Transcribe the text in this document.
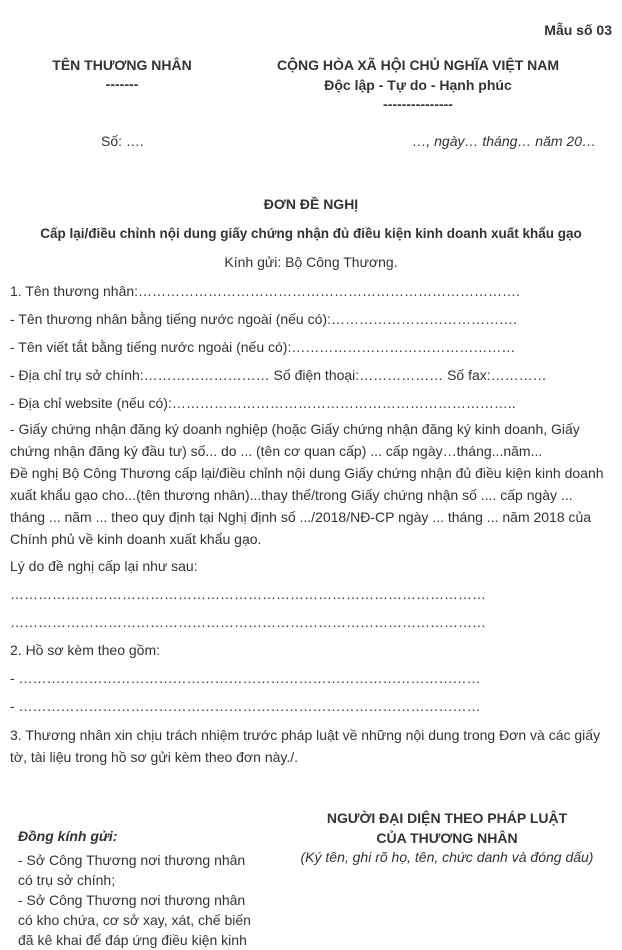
Mẫu số 03
TÊN THƯƠNG NHÂN
-------
CỘNG HÒA XÃ HỘI CHỦ NGHĨA VIỆT NAM
Độc lập - Tự do - Hạnh phúc
---------------
Số: ….	…, ngày… tháng… năm 20…
ĐƠN ĐỀ NGHỊ
Cấp lại/điều chỉnh nội dung giấy chứng nhận đủ điều kiện kinh doanh xuất khẩu gạo
Kính gửi: Bộ Công Thương.
1. Tên thương nhân:……………………………………………………………………….
- Tên thương nhân bằng tiếng nước ngoài (nếu có):………………………………….
- Tên viết tắt bằng tiếng nước ngoài (nếu có):…………………………………………
- Địa chỉ trụ sở chính:……………………… Số điện thoại:……………… Số fax:…………
- Địa chỉ website (nếu có):………………………………………………………………..
- Giấy chứng nhận đăng ký doanh nghiệp (hoặc Giấy chứng nhận đăng ký kinh doanh, Giấy chứng nhận đăng ký đầu tư) số... do ... (tên cơ quan cấp) ... cấp ngày…tháng...năm...
Đề nghị Bộ Công Thương cấp lại/điều chỉnh nội dung Giấy chứng nhận đủ điều kiện kinh doanh xuất khẩu gạo cho...(tên thương nhân)...thay thế/trong Giấy chứng nhận số .... cấp ngày ... tháng ... năm ... theo quy định tại Nghị định số .../2018/NĐ-CP ngày ... tháng ... năm 2018 của Chính phủ về kinh doanh xuất khẩu gạo.
Lý do đề nghị cấp lại như sau:
…………………………………………………………………………………………
…………………………………………………………………………………………
2. Hồ sơ kèm theo gồm:
- ………………………………………………………………………………………
- ………………………………………………………………………………………
3. Thương nhân xin chịu trách nhiệm trước pháp luật về những nội dung trong Đơn và các giấy tờ, tài liệu trong hồ sơ gửi kèm theo đơn này./.
Đồng kính gửi:
- Sở Công Thương nơi thương nhân có trụ sở chính;
- Sở Công Thương nơi thương nhân có kho chứa, cơ sở xay, xát, chế biến đã kê khai để đáp ứng điều kiện kinh
NGƯỜI ĐẠI DIỆN THEO PHÁP LUẬT CỦA THƯƠNG NHÂN
(Ký tên, ghi rõ họ, tên, chức danh và đóng dấu)
